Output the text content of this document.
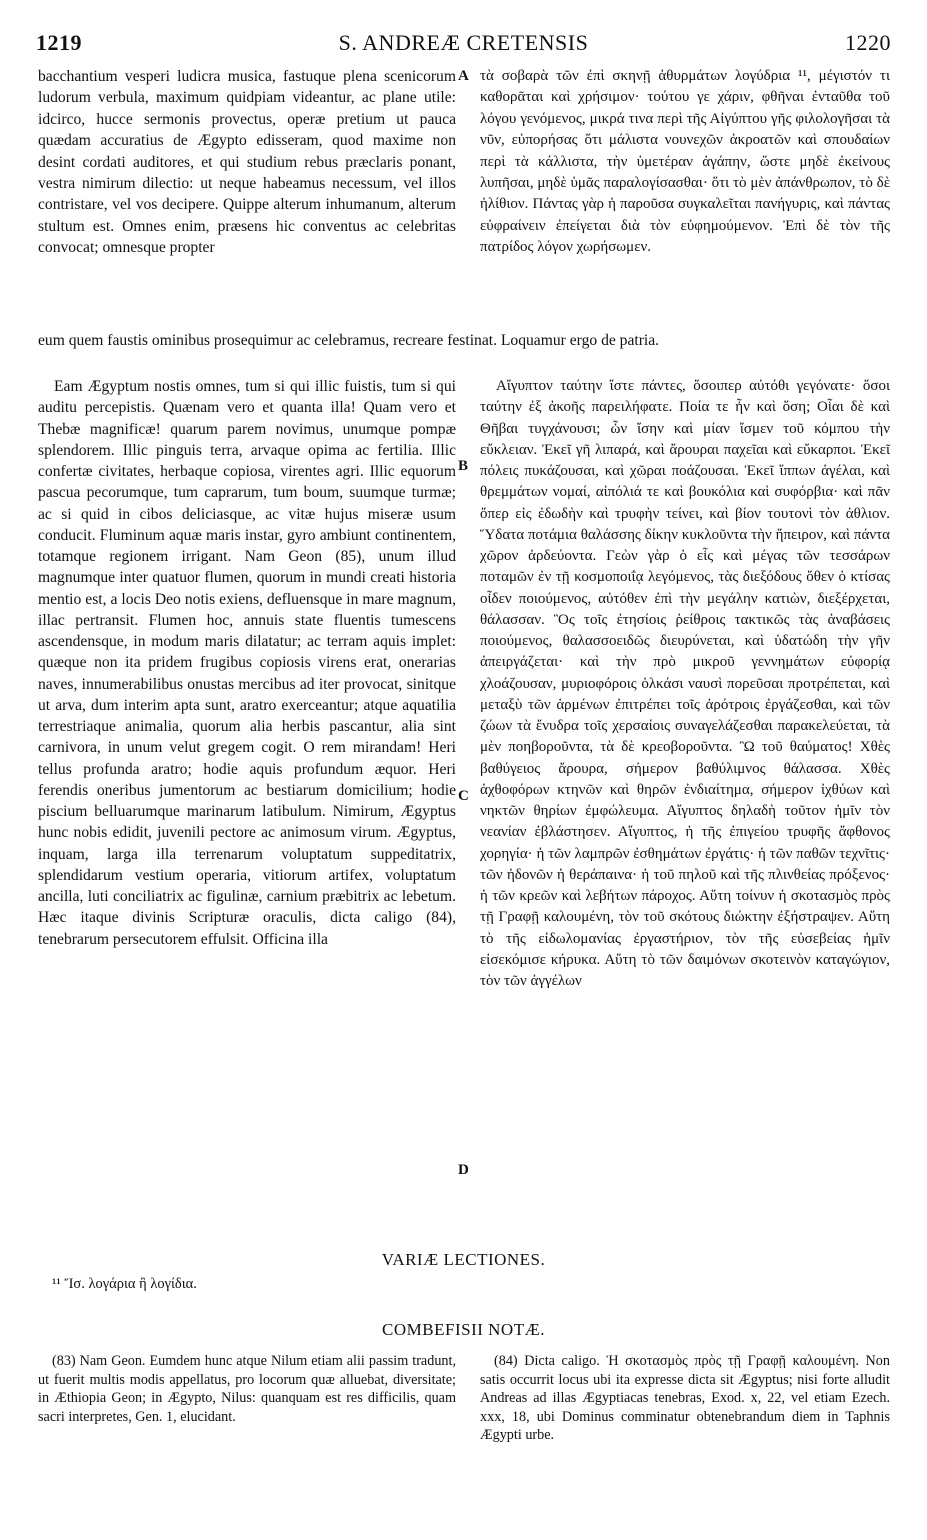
1219	S. ANDREÆ CRETENSIS	1220

bacchantium vesperi ludicra musica, fastuque plena scenicorum ludorum verbula, maximum quidpiam videantur, ac plane utile: idcirco, hucce sermonis provectus, operæ pretium ut pauca quædam accuratius de Ægypto edisseram, quod maxime non desint cordati auditores, et qui studium rebus præclaris ponant, vestra nimirum dilectio: ut neque habeamus necessum, vel illos contristare, vel vos decipere. Quippe alterum inhumanum, alterum stultum est. Omnes enim, præsens hic conventus ac celebritas convocat; omnesque propter

A τὰ σοβαρὰ τῶν ἐπὶ σκηνῇ ἀθυρμάτων λογύδρια ¹¹, μέγιστόν τι καθορᾶται καὶ χρήσιμον· τούτου γε χάριν, φθῆναι ἐνταῦθα τοῦ λόγου γενόμενος, μικρά τινα περὶ τῆς Αἰγύπτου γῆς φιλολογῆσαι τὰ νῦν, εὐπορήσας ὅτι μάλιστα νουνεχῶν ἀκροατῶν καὶ σπουδαίων περὶ τὰ κάλλιστα, τὴν ὑμετέραν ἀγάπην, ὥστε μηδὲ ἐκείνους λυπῆσαι, μηδὲ ὑμᾶς παραλογίσασθαι· ὅτι τὸ μὲν ἀπάνθρωπον, τὸ δὲ ἠλίθιον. Πάντας γὰρ ἡ παροῦσα συγκαλεῖται πανήγυρις, καὶ πάντας εὐφραίνειν ἐπείγεται διὰ τὸν εὐφημούμενον. Ἐπὶ δὲ τὸν τῆς πατρίδος λόγον χωρήσωμεν.

eum quem faustis ominibus prosequimur ac celebramus, recreare festinat. Loquamur ergo de patria.

Eam Ægyptum nostis omnes, tum si qui illic fuistis, tum si qui auditu percepistis. Quænam vero et quanta illa! Quam vero et Thebæ magnificæ! quarum parem novimus, unumque pompæ splendorem. Illic pinguis terra, arvaque opima ac fertilia. Illic confertæ civitates, herbaque copiosa, virentes agri. Illic equorum pascua pecorumque, tum caprarum, tum boum, suumque turmæ; ac si quid in cibos deliciasque, ac vitæ hujus miseræ usum conducit. Fluminum aquæ maris instar, gyro ambiunt continentem, totamque regionem irrigant. Nam Geon (85), unum illud magnumque inter quatuor flumen, quorum in mundi creati historia mentio est, a locis Deo notis exiens, defluensque in mare magnum, illac pertransit. Flumen hoc, annuis state fluentis tumescens ascendensque, in modum maris dilatatur; ac terram aquis implet: quæque non ita pridem frugibus copiosis virens erat, onerarias naves, innumerabilibus onustas mercibus ad iter provocat, sinitque ut arva, dum interim apta sunt, aratro exerceantur; atque aquatilia terrestriaque animalia, quorum alia herbis pascantur, alia sint carnivora, in unum velut gregem cogit. O rem mirandam! Heri tellus profunda aratro; hodie aquis profundum æquor. Heri ferendis oneribus jumentorum ac bestiarum domicilium; hodie piscium belluarumque marinarum latibulum. Nimirum, Ægyptus hunc nobis edidit, juvenili pectore ac animosum virum. Ægyptus, inquam, larga illa terrenarum voluptatum suppeditatrix, splendidarum vestium operaria, vitiorum artifex, voluptatum ancilla, luti conciliatrix ac figulinæ, carnium præbitrix ac lebetum. Hæc itaque divinis Scripturæ oraculis, dicta caligo (84), tenebrarum persecutorem effulsit. Officina illa

B
C
D

Αἴγυπτον ταύτην ἴστε πάντες, ὅσοιπερ αὐτόθι γεγόνατε· ὅσοι ταύτην ἐξ ἀκοῆς παρειλήφατε. Ποία τε ἦν καὶ ὅση; Οἷαι δὲ καὶ Θῆβαι τυγχάνουσι; ὧν ἴσην καὶ μίαν ἴσμεν τοῦ κόμπου τὴν εὔκλειαν. Ἐκεῖ γῆ λιπαρά, καὶ ἄρουραι παχεῖαι καὶ εὔκαρποι. Ἐκεῖ πόλεις πυκάζουσαι, καὶ χῶραι ποάζουσαι. Ἐκεῖ ἵππων ἀγέλαι, καὶ θρεμμάτων νομαί, αἰπόλιά τε καὶ βουκόλια καὶ συφόρβια· καὶ πᾶν ὅπερ εἰς ἐδωδὴν καὶ τρυφὴν τείνει, καὶ βίον τουτονὶ τὸν ἀθλιον. Ὕδατα ποτάμια θαλάσσης δίκην κυκλοῦντα τὴν ἤπειρον, καὶ πάντα χῶρον ἀρδεύοντα. Γεὼν γὰρ ὁ εἷς καὶ μέγας τῶν τεσσάρων ποταμῶν ἐν τῇ κοσμοποιΐᾳ λεγόμενος, τὰς διεξόδους ὅθεν ὁ κτίσας οἶδεν ποιούμενος, αὐτόθεν ἐπὶ τὴν μεγάλην κατιὼν, διεξέρχεται, θάλασσαν. Ὃς τοῖς ἐτησίοις ῥείθροις τακτικῶς τὰς ἀναβάσεις ποιούμενος, θαλασσοειδῶς διευρύνεται, καὶ ὑδατώδη τὴν γῆν ἀπειργάζεται· καὶ τὴν πρὸ μικροῦ γεννημάτων εὐφορίᾳ χλοάζουσαν, μυριοφόροις ὁλκάσι ναυσὶ πορεῦσαι προτρέπεται, καὶ μεταξὺ τῶν ἁρμένων ἐπιτρέπει τοῖς ἀρότροις ἐργάζεσθαι, καὶ τῶν ζώων τὰ ἔνυδρα τοῖς χερσαίοις συναγελάζεσθαι παρακελεύεται, τὰ μὲν ποηβοροῦντα, τὰ δὲ κρεοβοροῦντα. Ὢ τοῦ θαύματος! Χθὲς βαθύγειος ἄρουρα, σήμερον βαθύλιμνος θάλασσα. Χθὲς ἀχθοφόρων κτηνῶν καὶ θηρῶν ἐνδιαίτημα, σήμερον ἰχθύων καὶ νηκτῶν θηρίων ἐμφώλευμα. Αἴγυπτος δηλαδὴ τοῦτον ἡμῖν τὸν νεανίαν ἐβλάστησεν. Αἴγυπτος, ἡ τῆς ἐπιγείου τρυφῆς ἄφθονος χορηγία· ἡ τῶν λαμπρῶν ἐσθημάτων ἐργάτις· ἡ τῶν παθῶν τεχνῖτις· τῶν ἡδονῶν ἡ θεράπαινα· ἡ τοῦ πηλοῦ καὶ τῆς πλινθείας πρόξενος· ἡ τῶν κρεῶν καὶ λεβήτων πάροχος. Αὕτη τοίνυν ἡ σκοτασμὸς πρὸς τῇ Γραφῇ καλουμένη, τὸν τοῦ σκότους διώκτην ἐξήστραψεν. Αὕτη τὸ τῆς εἰδωλομανίας ἐργαστήριον, τὸν τῆς εὐσεβείας ἡμῖν εἰσεκόμισε κήρυκα. Αὕτη τὸ τῶν δαιμόνων σκοτεινὸν καταγώγιον, τὸν τῶν ἀγγέλων

VARIÆ LECTIONES.
¹¹ Ἴσ. λογάρια ἢ λογίδια.
COMBEFISII NOTÆ.

(83) Nam Geon. Eumdem hunc atque Nilum etiam alii passim tradunt, ut fuerit multis modis appellatus, pro locorum quæ alluebat, diversitate; in Æthiopia Geon; in Ægypto, Nilus: quanquam est res difficilis, quam sacri interpretes, Gen. 1, elucidant.

(84) Dicta caligo. Ἡ σκοτασμὸς πρὸς τῇ Γραφῇ καλουμένη. Non satis occurrit locus ubi ita expresse dicta sit Ægyptus; nisi forte alludit Andreas ad illas Ægyptiacas tenebras, Exod. x, 22, vel etiam Ezech. xxx, 18, ubi Dominus comminatur obtenebrandum diem in Taphnis Ægypti urbe.
